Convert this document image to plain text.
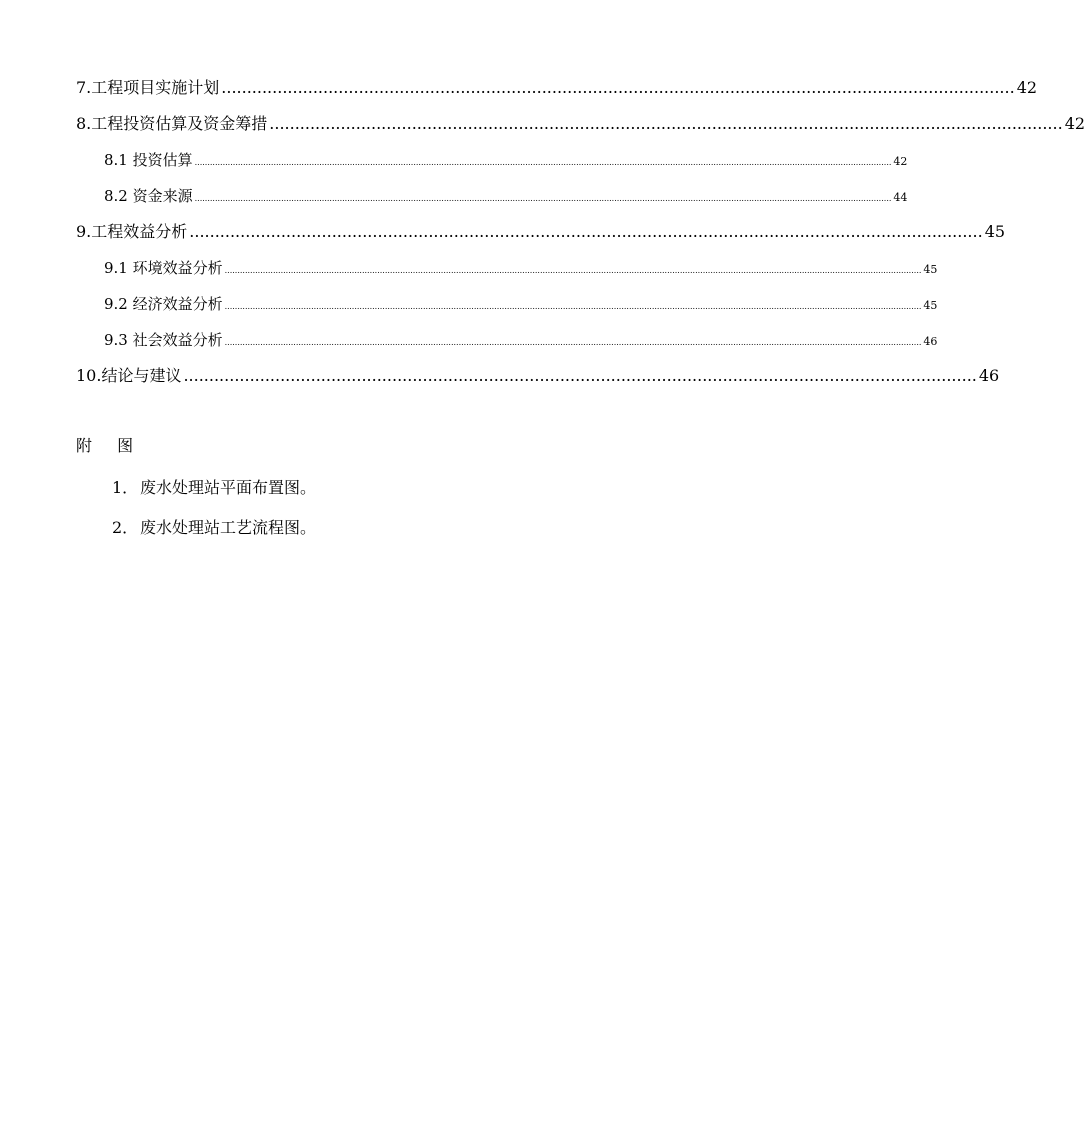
7.工程项目实施计划 ............................................................................................................................................................ 42
8.工程投资估算及资金筹措 ............................................................................................................................................................ 42
8.1 投资估算 .................................................................................................................................................................................................................................................................................. 42
8.2 资金来源 .................................................................................................................................................................................................................................................................................. 44
9.工程效益分析 ............................................................................................................................................................ 45
9.1 环境效益分析 .................................................................................................................................................................................................................................................................................. 45
9.2 经济效益分析 .................................................................................................................................................................................................................................................................................. 45
9.3 社会效益分析 .................................................................................................................................................................................................................................................................................. 46
10.结论与建议 ............................................................................................................................................................ 46
附 图
1． 废水处理站平面布置图。
2． 废水处理站工艺流程图。
